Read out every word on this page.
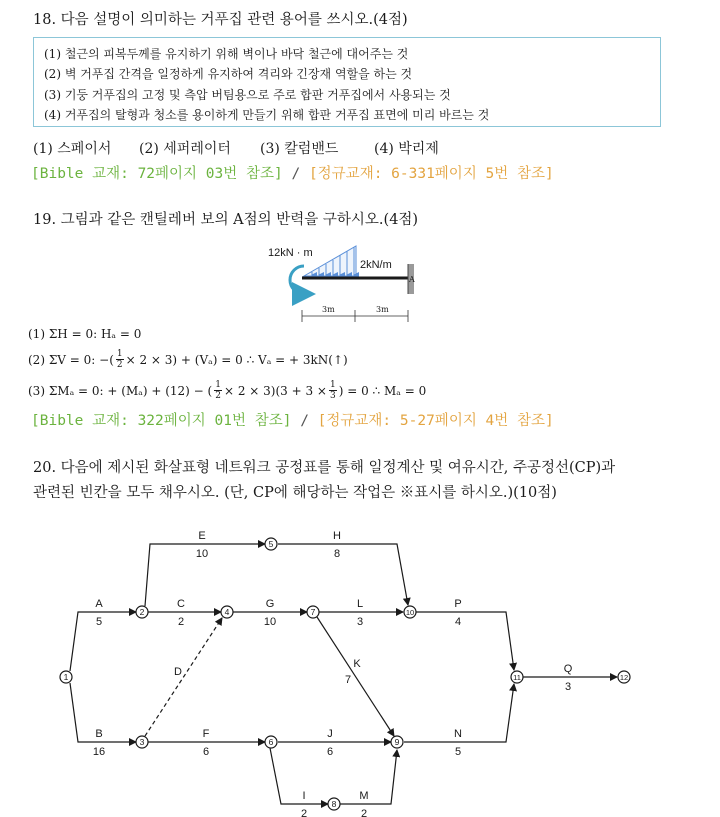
18. 다음 설명이 의미하는 거푸집 관련 용어를 쓰시오.(4점)
(1) 철근의 피복두께를 유지하기 위해 벽이나 바닥 철근에 대어주는 것
(2) 벽 거푸집 간격을 일정하게 유지하여 격리와 긴장재 역할을 하는 것
(3) 기둥 거푸집의 고정 및 측압 버팀용으로 주로 합판 거푸집에서 사용되는 것
(4) 거푸집의 탈형과 청소를 용이하게 만들기 위해 합판 거푸집 표면에 미리 바르는 것
(1) 스페이서 (2) 세퍼레이터 (3) 칼럼밴드	(4) 박리제
[Bible 교재: 72페이지 03번 참조] / [정규교재: 6-331페이지 5번 참조]
19. 그림과 같은 캔틸레버 보의 A점의 반력을 구하시오.(4점)
12kN · m
2kN/m
A
3m	3m
(1) ΣH = 0: Hₐ = 0
(2) ΣV = 0: −( $\frac{1}{2} \times 2 \times 3) + (V_a) = 0$ ∴ Vₐ = + 3kN(↑)
(3) ΣMₐ = 0: + (Mₐ) + (12) − ( $\frac{1}{2} \times 2 \times 3)(3 + 3 \times \frac{1}{3}$ ) = 0 ∴ Mₐ = 0
[Bible 교재: 322페이지 01번 참조] / [정규교재: 5-27페이지 4번 참조]
20. 다음에 제시된 화살표형 네트워크 공정표를 통해 일정계산 및 여유시간, 주공정선(CP)과
관련된 빈칸을 모두 채우시오. (단, CP에 해당하는 작업은 ※표시를 하시오.)(10점)
1
2
3
4
5
6
7
8
9
10
11	12
A
5
B
16
C
2
D
E
10
F
6
G
10
H
8
I
2
J
6
K
7
L
3
M
2
N
5
P
4
Q
3
